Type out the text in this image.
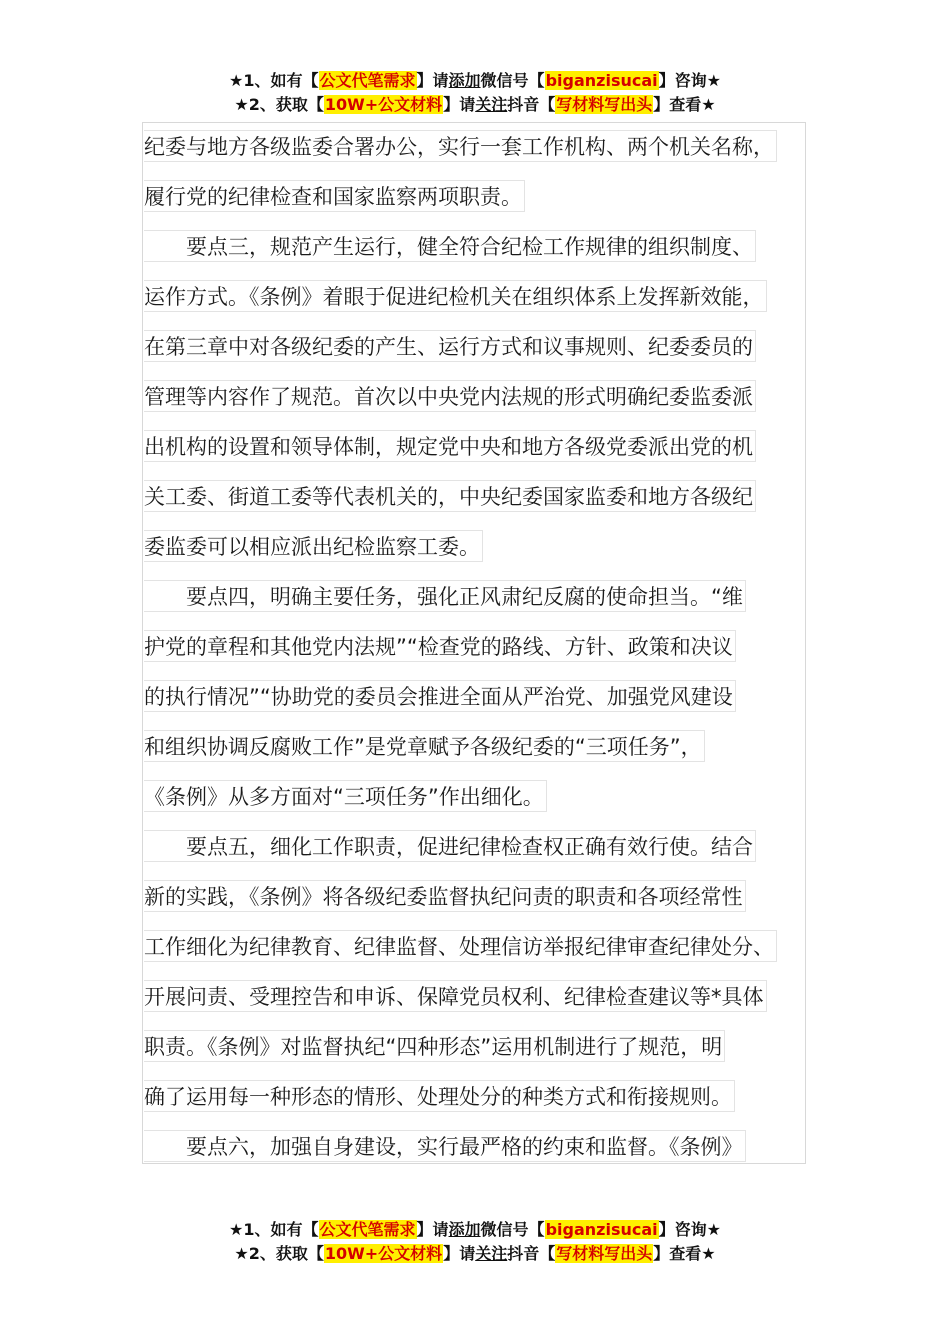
★1、如有【公文代笔需求】请添加微信号【biganzisucai】咨询★
★2、获取【10W+公文材料】请关注抖音【写材料写出头】查看★
纪委与地方各级监委合署办公，实行一套工作机构、两个机关名称，
履行党的纪律检查和国家监察两项职责。
　　要点三，规范产生运行，健全符合纪检工作规律的组织制度、
运作方式。《条例》着眼于促进纪检机关在组织体系上发挥新效能，
在第三章中对各级纪委的产生、运行方式和议事规则、纪委委员的
管理等内容作了规范。首次以中央党内法规的形式明确纪委监委派
出机构的设置和领导体制，规定党中央和地方各级党委派出党的机
关工委、街道工委等代表机关的，中央纪委国家监委和地方各级纪
委监委可以相应派出纪检监察工委。
　　要点四，明确主要任务，强化正风肃纪反腐的使命担当。“维
护党的章程和其他党内法规”“检查党的路线、方针、政策和决议
的执行情况”“协助党的委员会推进全面从严治党、加强党风建设
和组织协调反腐败工作”是党章赋予各级纪委的“三项任务”，
《条例》从多方面对“三项任务”作出细化。
　　要点五，细化工作职责，促进纪律检查权正确有效行使。结合
新的实践，《条例》将各级纪委监督执纪问责的职责和各项经常性
工作细化为纪律教育、纪律监督、处理信访举报纪律审查纪律处分、
开展问责、受理控告和申诉、保障党员权利、纪律检查建议等*具体
职责。《条例》对监督执纪“四种形态”运用机制进行了规范，明
确了运用每一种形态的情形、处理处分的种类方式和衔接规则。
　　要点六，加强自身建设，实行最严格的约束和监督。《条例》
★1、如有【公文代笔需求】请添加微信号【biganzisucai】咨询★
★2、获取【10W+公文材料】请关注抖音【写材料写出头】查看★
